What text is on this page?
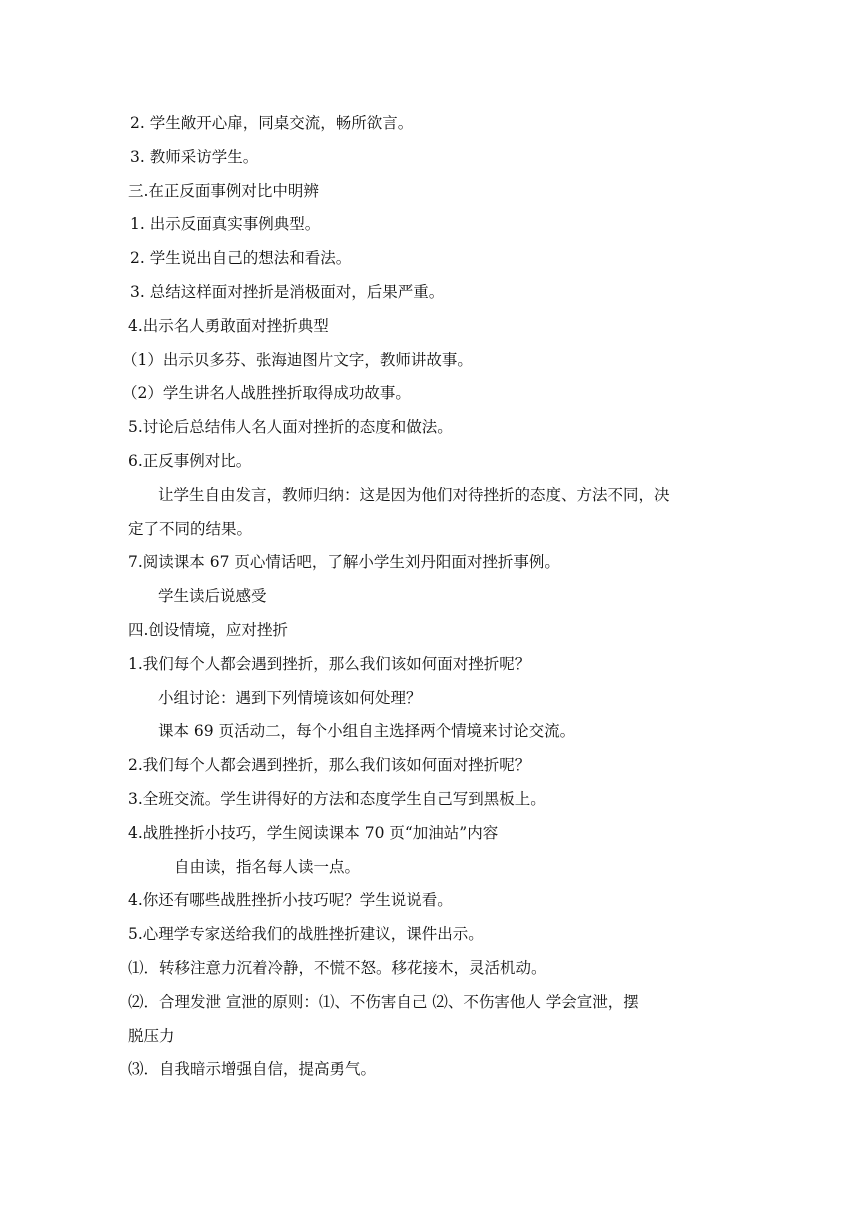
2. 学生敞开心扉，同桌交流，畅所欲言。
3. 教师采访学生。
三.在正反面事例对比中明辨
1. 出示反面真实事例典型。
2. 学生说出自己的想法和看法。
3. 总结这样面对挫折是消极面对，后果严重。
4.出示名人勇敢面对挫折典型
（1）出示贝多芬、张海迪图片文字，教师讲故事。
（2）学生讲名人战胜挫折取得成功故事。
5.讨论后总结伟人名人面对挫折的态度和做法。
6.正反事例对比。
让学生自由发言，教师归纳：这是因为他们对待挫折的态度、方法不同，决
定了不同的结果。
7.阅读课本 67 页心情话吧，了解小学生刘丹阳面对挫折事例。
学生读后说感受
四.创设情境，应对挫折
1.我们每个人都会遇到挫折，那么我们该如何面对挫折呢？
小组讨论：遇到下列情境该如何处理？
课本 69 页活动二，每个小组自主选择两个情境来讨论交流。
2.我们每个人都会遇到挫折，那么我们该如何面对挫折呢？
3.全班交流。学生讲得好的方法和态度学生自己写到黑板上。
4.战胜挫折小技巧，学生阅读课本 70 页“加油站”内容
自由读，指名每人读一点。
4.你还有哪些战胜挫折小技巧呢？学生说说看。
5.心理学专家送给我们的战胜挫折建议，课件出示。
⑴．转移注意力沉着冷静，不慌不怒。移花接木，灵活机动。
⑵．合理发泄 宣泄的原则：⑴、不伤害自己 ⑵、不伤害他人 学会宣泄，摆
脱压力
⑶．自我暗示增强自信，提高勇气。
